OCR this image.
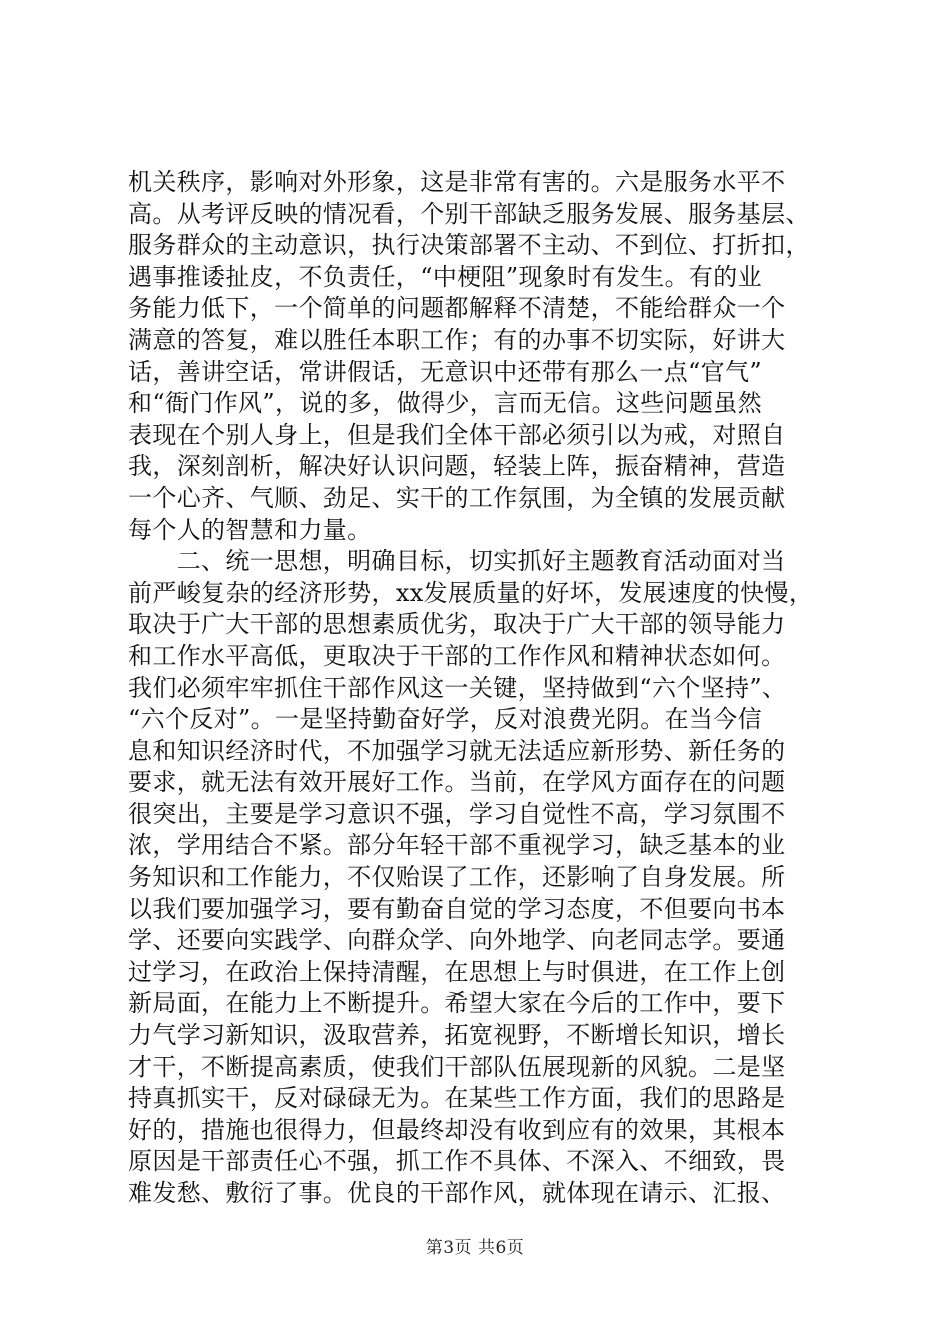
机关秩序，影响对外形象，这是非常有害的。六是服务水平不
高。从考评反映的情况看，个别干部缺乏服务发展、服务基层、
服务群众的主动意识，执行决策部署不主动、不到位、打折扣，
遇事推诿扯皮，不负责任，“中梗阻”现象时有发生。有的业
务能力低下，一个简单的问题都解释不清楚，不能给群众一个
满意的答复，难以胜任本职工作；有的办事不切实际，好讲大
话，善讲空话，常讲假话，无意识中还带有那么一点“官气”
和“衙门作风”，说的多，做得少，言而无信。这些问题虽然
表现在个别人身上，但是我们全体干部必须引以为戒，对照自
我，深刻剖析，解决好认识问题，轻装上阵，振奋精神，营造
一个心齐、气顺、劲足、实干的工作氛围，为全镇的发展贡献
每个人的智慧和力量。
　　二、统一思想，明确目标，切实抓好主题教育活动面对当
前严峻复杂的经济形势，xx发展质量的好坏，发展速度的快慢，
取决于广大干部的思想素质优劣，取决于广大干部的领导能力
和工作水平高低，更取决于干部的工作作风和精神状态如何。
我们必须牢牢抓住干部作风这一关键，坚持做到“六个坚持”、
“六个反对”。一是坚持勤奋好学，反对浪费光阴。在当今信
息和知识经济时代，不加强学习就无法适应新形势、新任务的
要求，就无法有效开展好工作。当前，在学风方面存在的问题
很突出，主要是学习意识不强，学习自觉性不高，学习氛围不
浓，学用结合不紧。部分年轻干部不重视学习，缺乏基本的业
务知识和工作能力，不仅贻误了工作，还影响了自身发展。所
以我们要加强学习，要有勤奋自觉的学习态度，不但要向书本
学、还要向实践学、向群众学、向外地学、向老同志学。要通
过学习，在政治上保持清醒，在思想上与时俱进，在工作上创
新局面，在能力上不断提升。希望大家在今后的工作中，要下
力气学习新知识，汲取营养，拓宽视野，不断增长知识，增长
才干，不断提高素质，使我们干部队伍展现新的风貌。二是坚
持真抓实干，反对碌碌无为。在某些工作方面，我们的思路是
好的，措施也很得力，但最终却没有收到应有的效果，其根本
原因是干部责任心不强，抓工作不具体、不深入、不细致，畏
难发愁、敷衍了事。优良的干部作风，就体现在请示、汇报、
第3页 共6页
